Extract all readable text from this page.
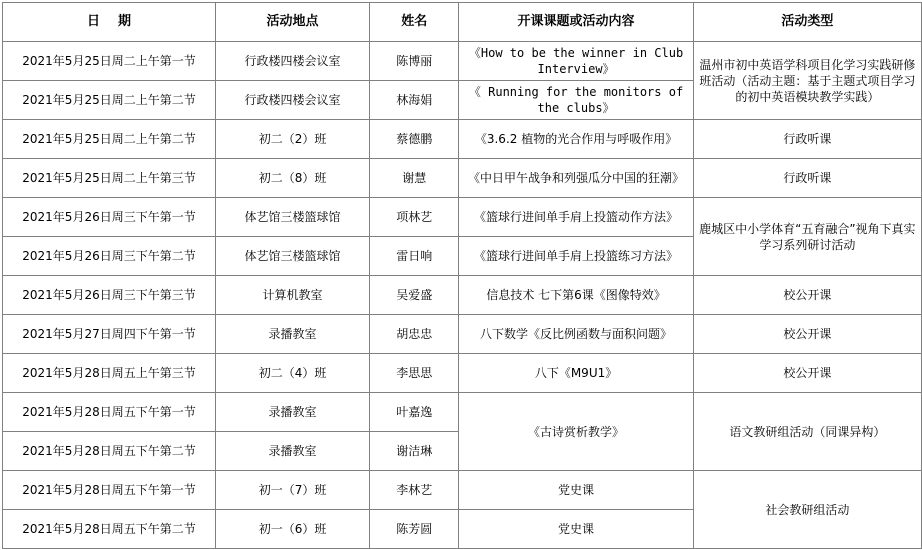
日    期	活动地点	姓名	开课课题或活动内容	活动类型
2021年5月25日周二上午第一节	行政楼四楼会议室	陈博丽	《How to be the winner in Club Interview》	温州市初中英语学科项目化学习实践研修班活动（活动主题：基于主题式项目学习的初中英语模块教学实践）
2021年5月25日周二上午第二节	行政楼四楼会议室	林海娟	《 Running for the monitors of the clubs》	
2021年5月25日周二上午第二节	初二（2）班	蔡德鹏	《3.6.2 植物的光合作用与呼吸作用》	行政听课
2021年5月25日周二上午第三节	初二（8）班	谢慧	《中日甲午战争和列强瓜分中国的狂潮》	行政听课
2021年5月26日周三下午第一节	体艺馆三楼篮球馆	项林艺	《篮球行进间单手肩上投篮动作方法》	鹿城区中小学体育“五育融合”视角下真实学习系列研讨活动
2021年5月26日周三下午第二节	体艺馆三楼篮球馆	雷日响	《篮球行进间单手肩上投篮练习方法》	
2021年5月26日周三下午第三节	计算机教室	吴爱盛	信息技术 七下第6课《图像特效》	校公开课
2021年5月27日周四下午第一节	录播教室	胡忠忠	八下数学《反比例函数与面积问题》	校公开课
2021年5月28日周五上午第三节	初二（4）班	李思思	八下《M9U1》	校公开课
2021年5月28日周五下午第一节	录播教室	叶嘉逸	《古诗赏析教学》	语文教研组活动（同课异构）
2021年5月28日周五下午第二节	录播教室	谢洁琳		
2021年5月28日周五下午第一节	初一（7）班	李林艺	党史课	社会教研组活动
2021年5月28日周五下午第二节	初一（6）班	陈芳圆	党史课	
